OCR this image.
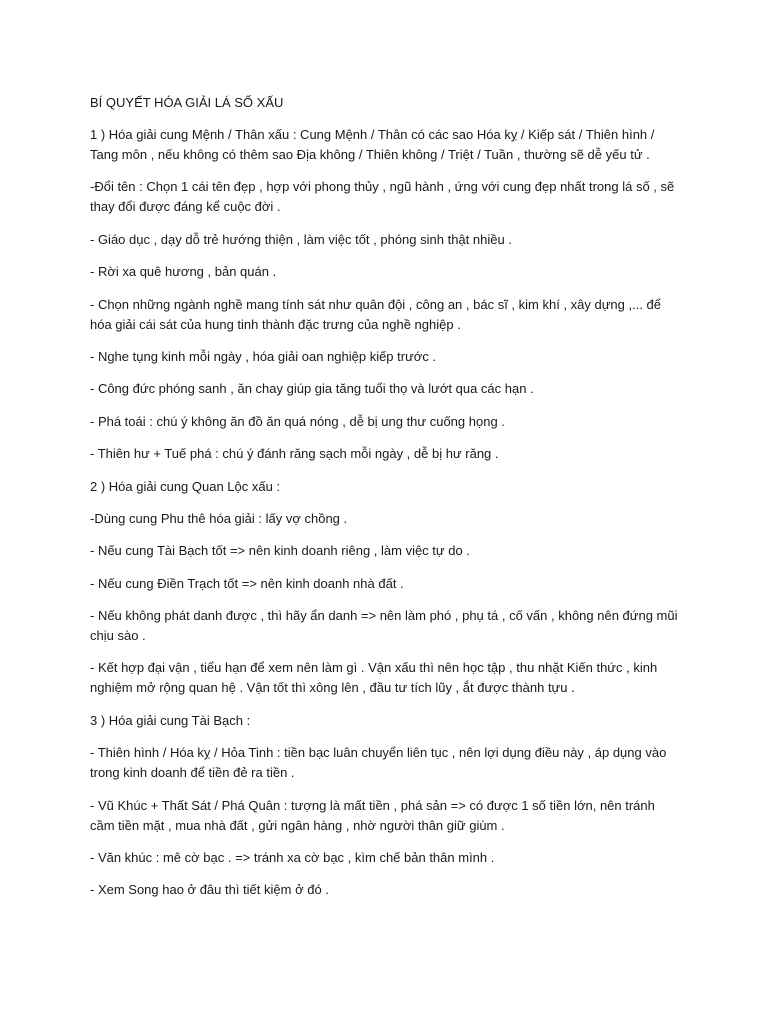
BÍ QUYẾT HÓA GIẢI LÁ SỐ XẤU

1 ) Hóa giải cung Mệnh / Thân xấu : Cung Mệnh / Thân có các sao Hóa kỵ / Kiếp sát / Thiên hình / Tang môn , nếu không có thêm sao Địa không / Thiên không / Triệt / Tuần , thường sẽ dễ yếu tử .

-Đổi tên : Chọn 1 cái tên đẹp , hợp với phong thủy , ngũ hành , ứng với cung đẹp nhất trong lá số , sẽ thay đổi được đáng kể cuộc đời .

- Giáo dục , dạy dỗ trẻ hướng thiện , làm việc tốt , phóng sinh thật nhiều .

- Rời xa quê hương , bản quán .

- Chọn những ngành nghề mang tính sát như quân đội , công an , bác sĩ , kim khí , xây dựng ,... để hóa giải cái sát của hung tinh thành đặc trưng của nghề nghiệp .

- Nghe tụng kinh mỗi ngày , hóa giải oan nghiệp kiếp trước .

- Công đức phóng sanh , ăn chay giúp gia tăng tuổi thọ và lướt qua các hạn .

- Phá toái : chú ý không ăn đồ ăn quá nóng , dễ bị ung thư cuống họng .

- Thiên hư + Tuế phá : chú ý đánh răng sạch mỗi ngày , dễ bị hư răng .

2 ) Hóa giải cung Quan Lộc xấu :

-Dùng cung Phu thê hóa giải : lấy vợ chồng .

- Nếu cung Tài Bạch tốt => nên kinh doanh riêng , làm việc tự do .

- Nếu cung Điền Trạch tốt => nên kinh doanh nhà đất .

- Nếu không phát danh được , thì hãy ẩn danh => nên làm phó , phụ tá , cố vấn , không nên đứng mũi chịu sào .

- Kết hợp đại vận , tiểu hạn để xem nên làm gì . Vận xấu thì nên học tập , thu nhặt Kiến thức , kinh nghiệm mở rộng quan hệ . Vận tốt thì xông lên , đầu tư tích lũy , ắt được thành tựu .

3 ) Hóa giải cung Tài Bạch :

- Thiên hình / Hóa kỵ / Hỏa Tinh : tiền bạc luân chuyển liên tục , nên lợi dụng điều này , áp dụng vào trong kinh doanh để tiền đẻ ra tiền .

- Vũ Khúc + Thất Sát / Phá Quân : tượng là mất tiền , phá sản => có được 1 số tiền lớn, nên tránh cầm tiền mặt , mua nhà đất , gửi ngân hàng , nhờ người thân giữ giùm .

- Văn khúc : mê cờ bạc . => tránh xa cờ bạc , kìm chế bản thân mình .

- Xem Song hao ở đâu thì tiết kiệm ở đó .
